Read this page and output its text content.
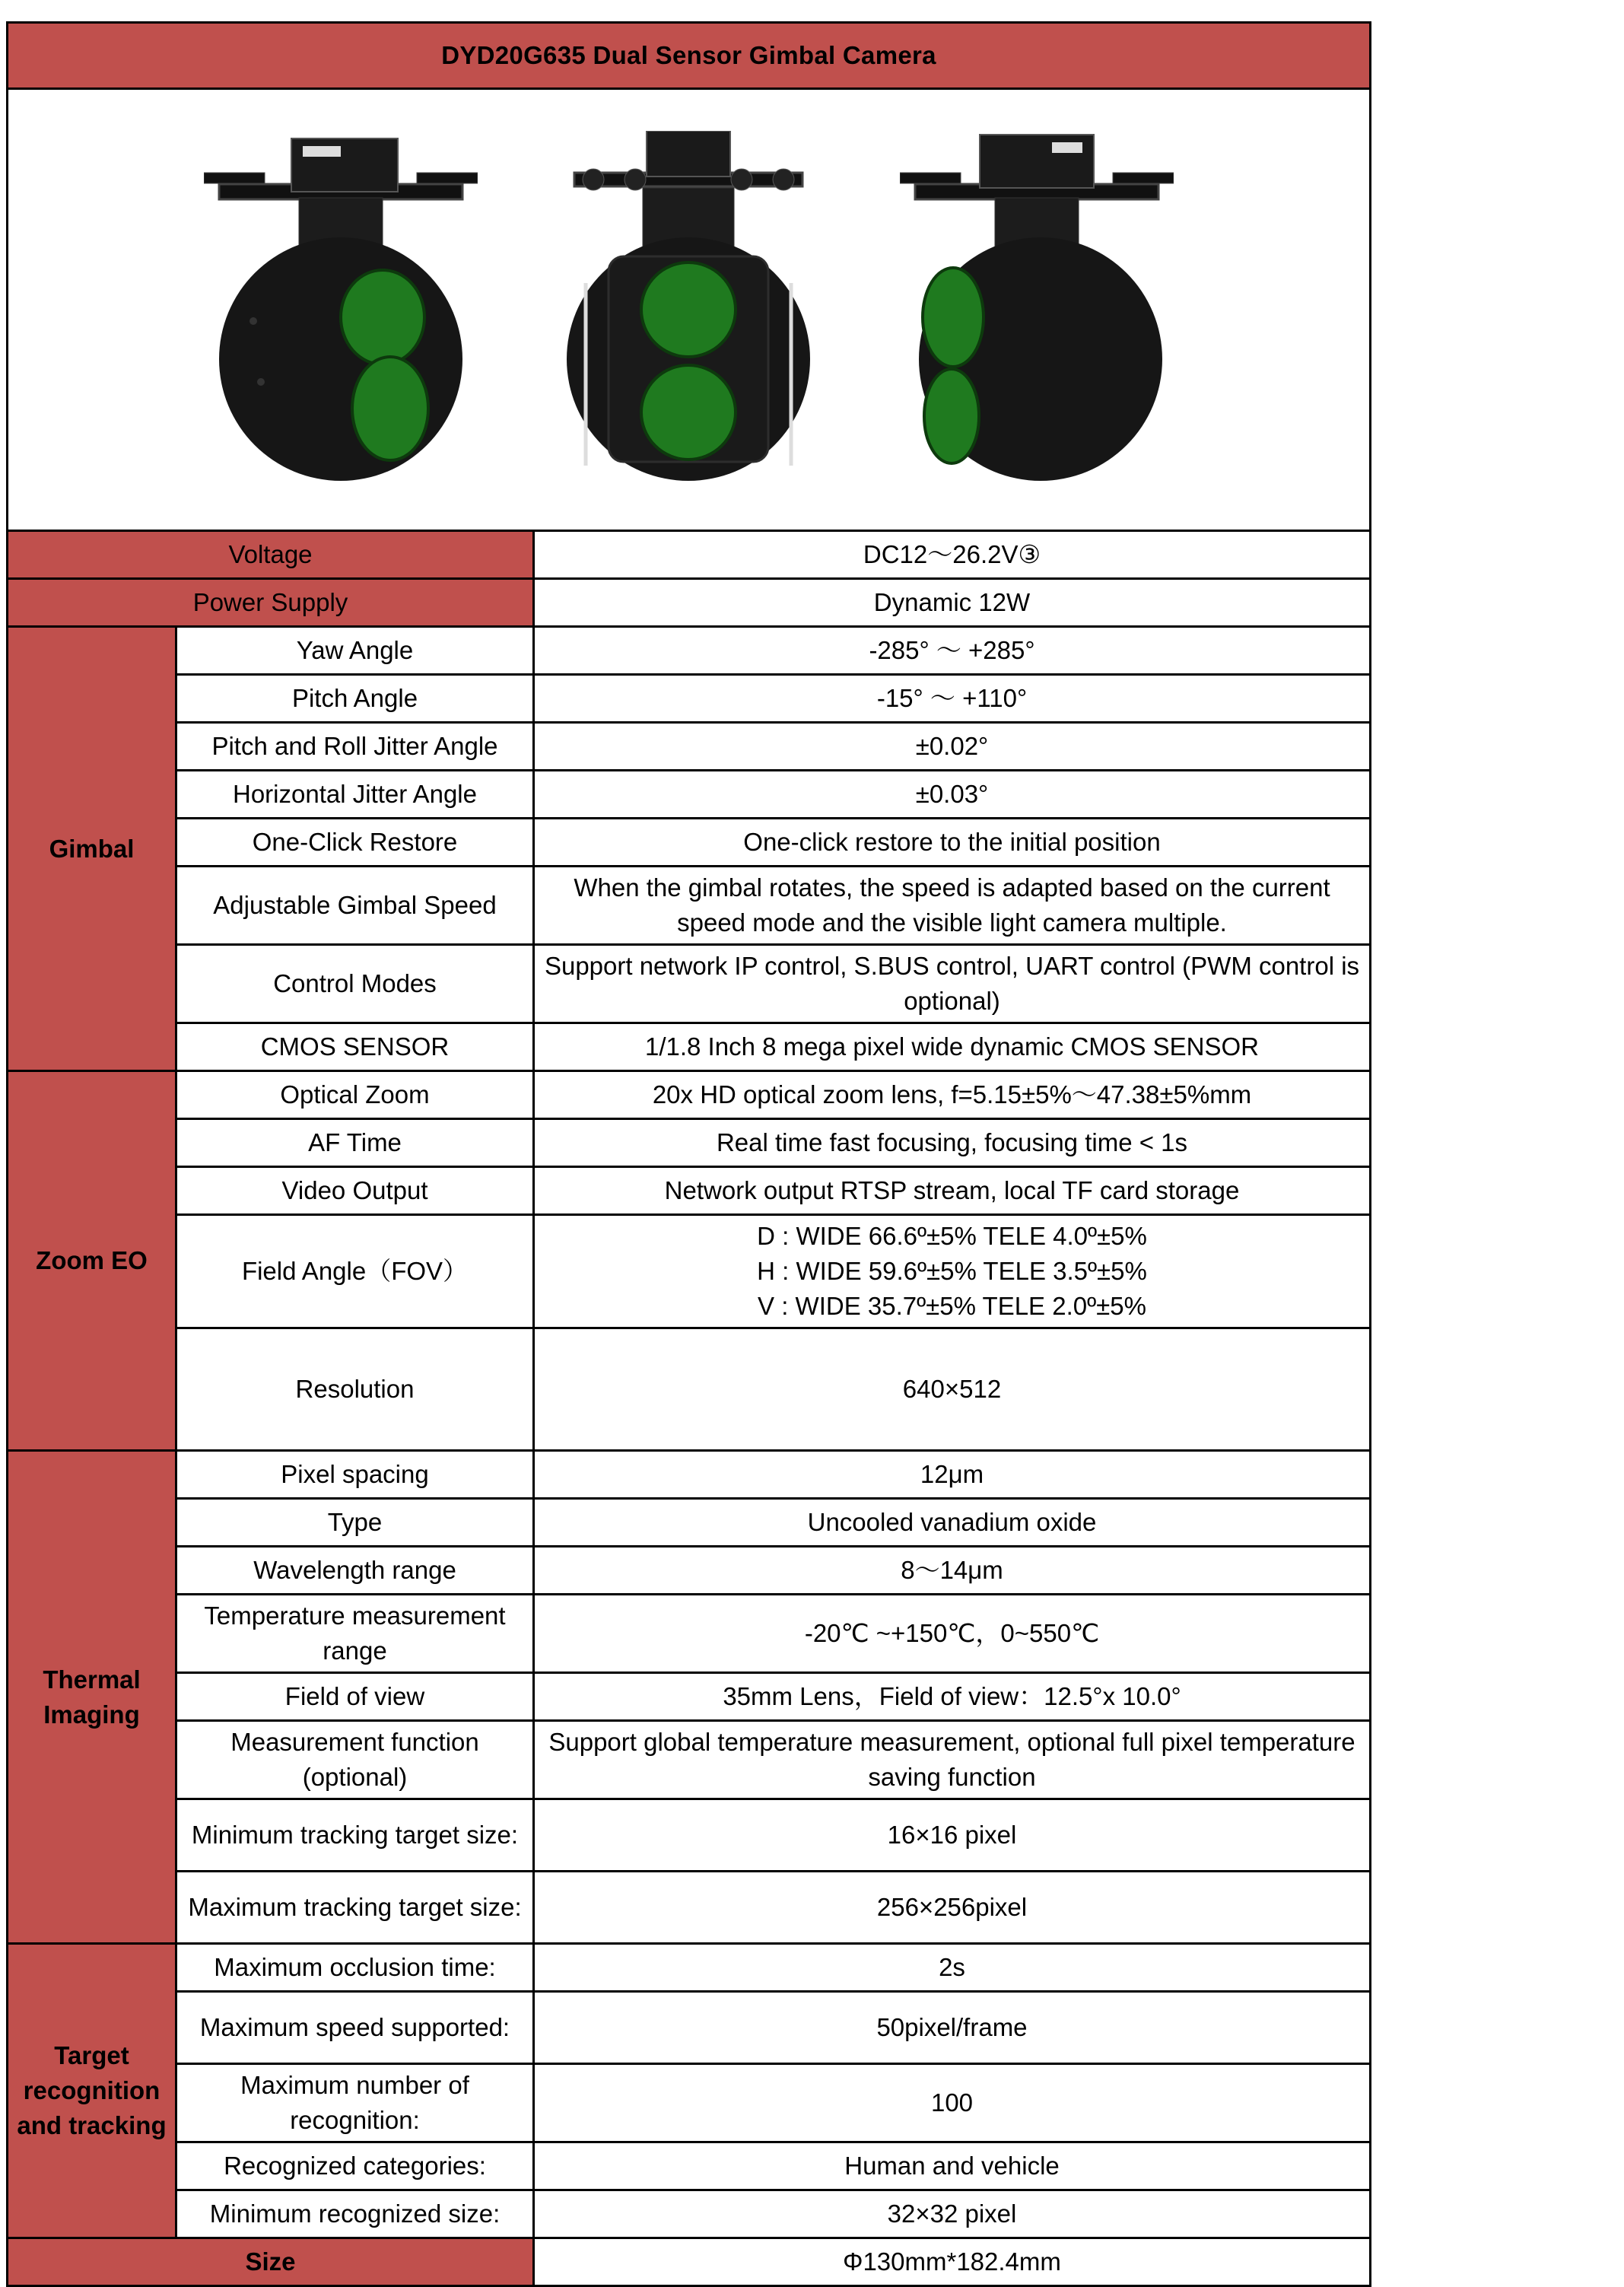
DYD20G635 Dual Sensor Gimbal Camera		

Voltage		DC12～26.2V③
Power Supply		Dynamic 12W
Gimbal	Yaw Angle	-285° ～ +285°
	Pitch Angle	-15° ～ +110°
	Pitch and Roll Jitter Angle	±0.02°
	Horizontal Jitter Angle	±0.03°
	One-Click Restore	One-click restore to the initial position
	Adjustable Gimbal Speed	When the gimbal rotates, the speed is adapted based on the current speed mode and the visible light camera multiple.
	Control Modes	Support network IP control, S.BUS control, UART control (PWM control is optional)
	CMOS SENSOR	1/1.8 Inch 8 mega pixel wide dynamic CMOS SENSOR
Zoom EO	Optical Zoom	20x HD optical zoom lens, f=5.15±5%～47.38±5%mm
	AF Time	Real time fast focusing, focusing time < 1s
	Video Output	Network output RTSP stream, local TF card storage
	Field Angle（FOV）	D : WIDE 66.6º±5% TELE 4.0º±5%
H : WIDE 59.6º±5% TELE 3.5º±5%
V : WIDE 35.7º±5% TELE 2.0º±5%

	Resolution	640×512
Thermal Imaging	Pixel spacing	12μm
	Type	Uncooled vanadium oxide
	Wavelength range	8～14μm
	Temperature measurement range	-20℃ ~+150℃，0~550℃
	Field of view	35mm Lens，Field of view：12.5°x 10.0°
	Measurement function (optional)	Support global temperature measurement, optional full pixel temperature saving function
	Minimum tracking target size:	16×16 pixel
	Maximum tracking target size:	256×256pixel
Target recognition and tracking	Maximum occlusion time:	2s
	Maximum speed supported:	50pixel/frame
	Maximum number of recognition:	100
	Recognized categories:	Human and vehicle
	Minimum recognized size:	32×32 pixel
Size		Φ130mm*182.4mm
